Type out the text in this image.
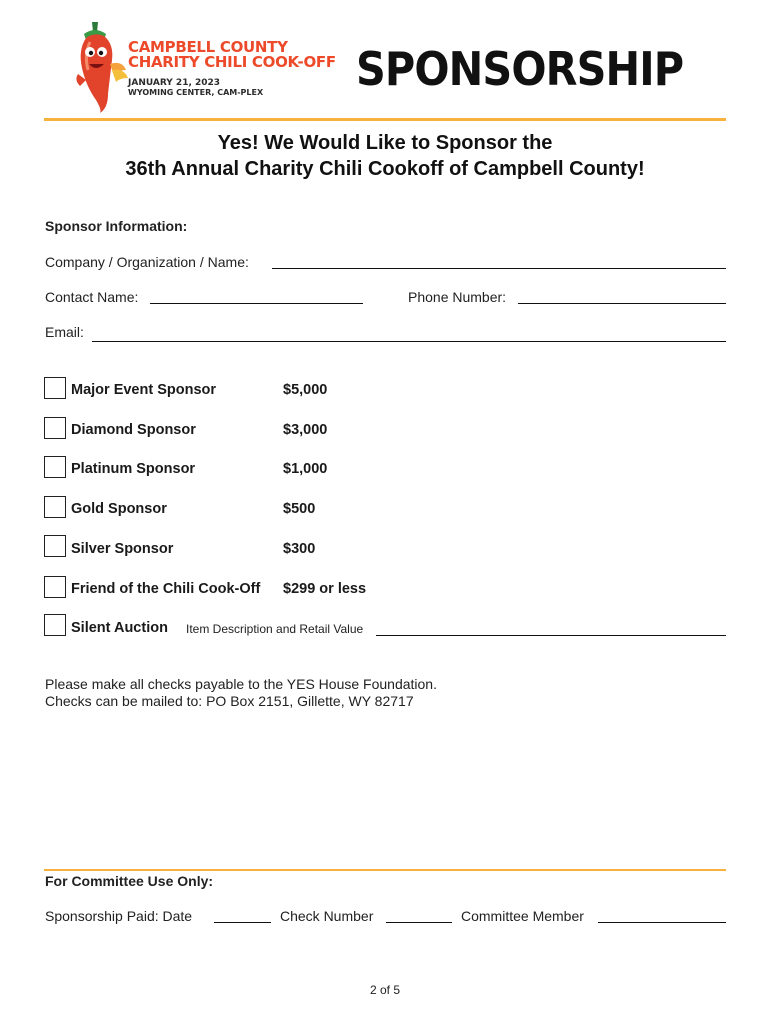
CAMPBELL COUNTY
CHARITY CHILI COOK-OFF
JANUARY 21, 2023
WYOMING CENTER, CAM-PLEX SPONSORSHIP
Yes! We Would Like to Sponsor the
36th Annual Charity Chili Cookoff of Campbell County!
Sponsor Information:
Company / Organization / Name:
Contact Name:	Phone Number:
Email:
Major Event Sponsor	$5,000
Diamond Sponsor	$3,000
Platinum Sponsor	$1,000
Gold Sponsor	$500
Silver Sponsor	$300
Friend of the Chili Cook-Off $299 or less
Silent Auction Item Description and Retail Value
Please make all checks payable to the YES House Foundation.
Checks can be mailed to: PO Box 2151, Gillette, WY 82717
For Committee Use Only:
Sponsorship Paid: Date	Check Number	Committee Member
2 of 5
